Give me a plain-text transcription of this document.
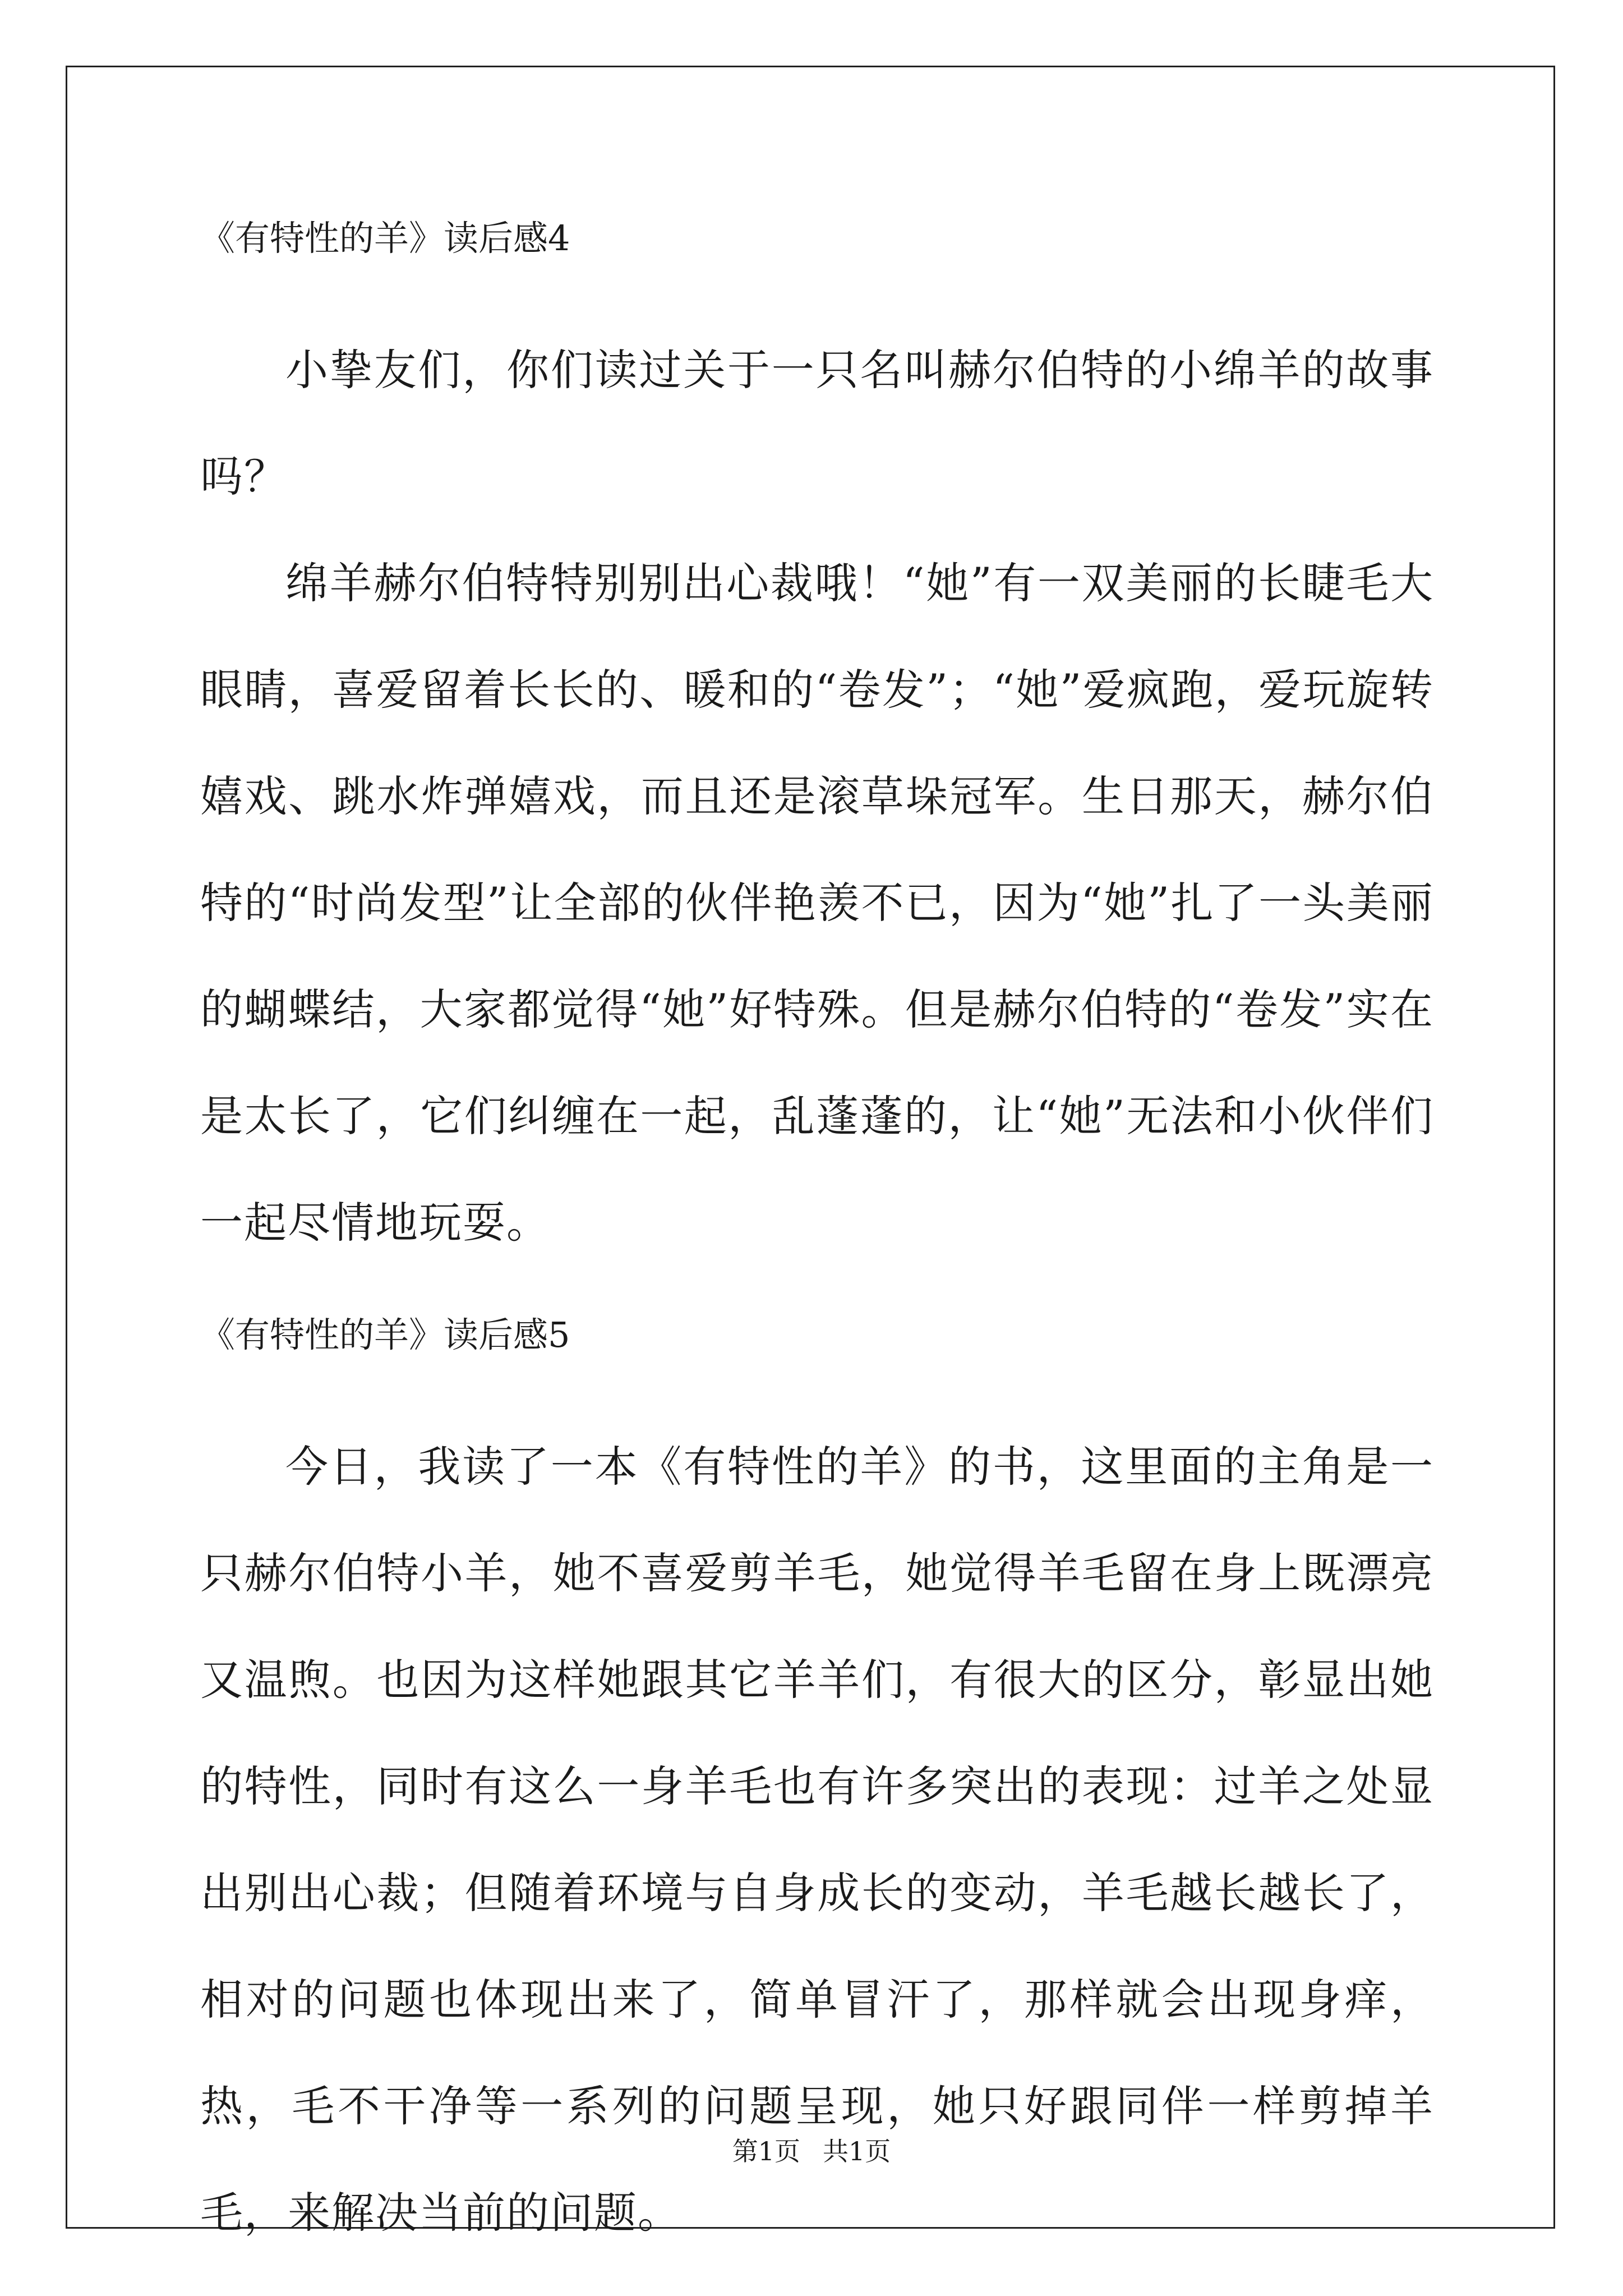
《有特性的羊》读后感4

小挚友们，你们读过关于一只名叫赫尔伯特的小绵羊的故事吗？

绵羊赫尔伯特特别别出心裁哦！“她”有一双美丽的长睫毛大眼睛，喜爱留着长长的、暖和的“卷发”；“她”爱疯跑，爱玩旋转嬉戏、跳水炸弹嬉戏，而且还是滚草垛冠军。生日那天，赫尔伯特的“时尚发型”让全部的伙伴艳羡不已，因为“她”扎了一头美丽的蝴蝶结，大家都觉得“她”好特殊。但是赫尔伯特的“卷发”实在是太长了，它们纠缠在一起，乱蓬蓬的，让“她”无法和小伙伴们一起尽情地玩耍。

《有特性的羊》读后感5

今日，我读了一本《有特性的羊》的书，这里面的主角是一只赫尔伯特小羊，她不喜爱剪羊毛，她觉得羊毛留在身上既漂亮又温煦。也因为这样她跟其它羊羊们，有很大的区分，彰显出她的特性，同时有这么一身羊毛也有许多突出的表现：过羊之处显出别出心裁；但随着环境与自身成长的变动，羊毛越长越长了，相对的问题也体现出来了，简单冒汗了，那样就会出现身痒，热，毛不干净等一系列的问题呈现，她只好跟同伴一样剪掉羊毛，来解决当前的问题。

第1页 共1页
